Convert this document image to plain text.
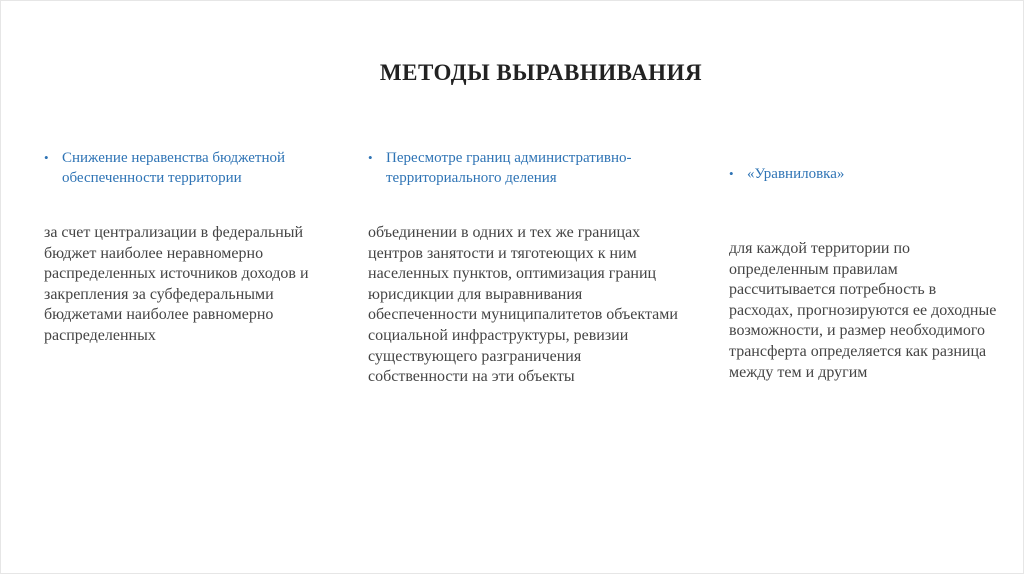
МЕТОДЫ ВЫРАВНИВАНИЯ
• Снижение неравенства бюджетной обеспеченности территории
за счет централизации в федеральный бюджет наиболее неравномерно распределенных источников доходов и закрепления за субфедеральными бюджетами наиболее равномерно распределенных
• Пересмотре границ административно-территориального деления
объединении в одних и тех же границах центров занятости и тяготеющих к ним населенных пунктов, оптимизация границ юрисдикции для выравнивания обеспеченности муниципалитетов объектами социальной инфраструктуры, ревизии существующего разграничения собственности на эти объекты
• «Уравниловка»
для каждой территории по определенным правилам рассчитывается потребность в расходах, прогнозируются ее доходные возможности, и размер необходимого трансферта определяется как разница между тем и другим
